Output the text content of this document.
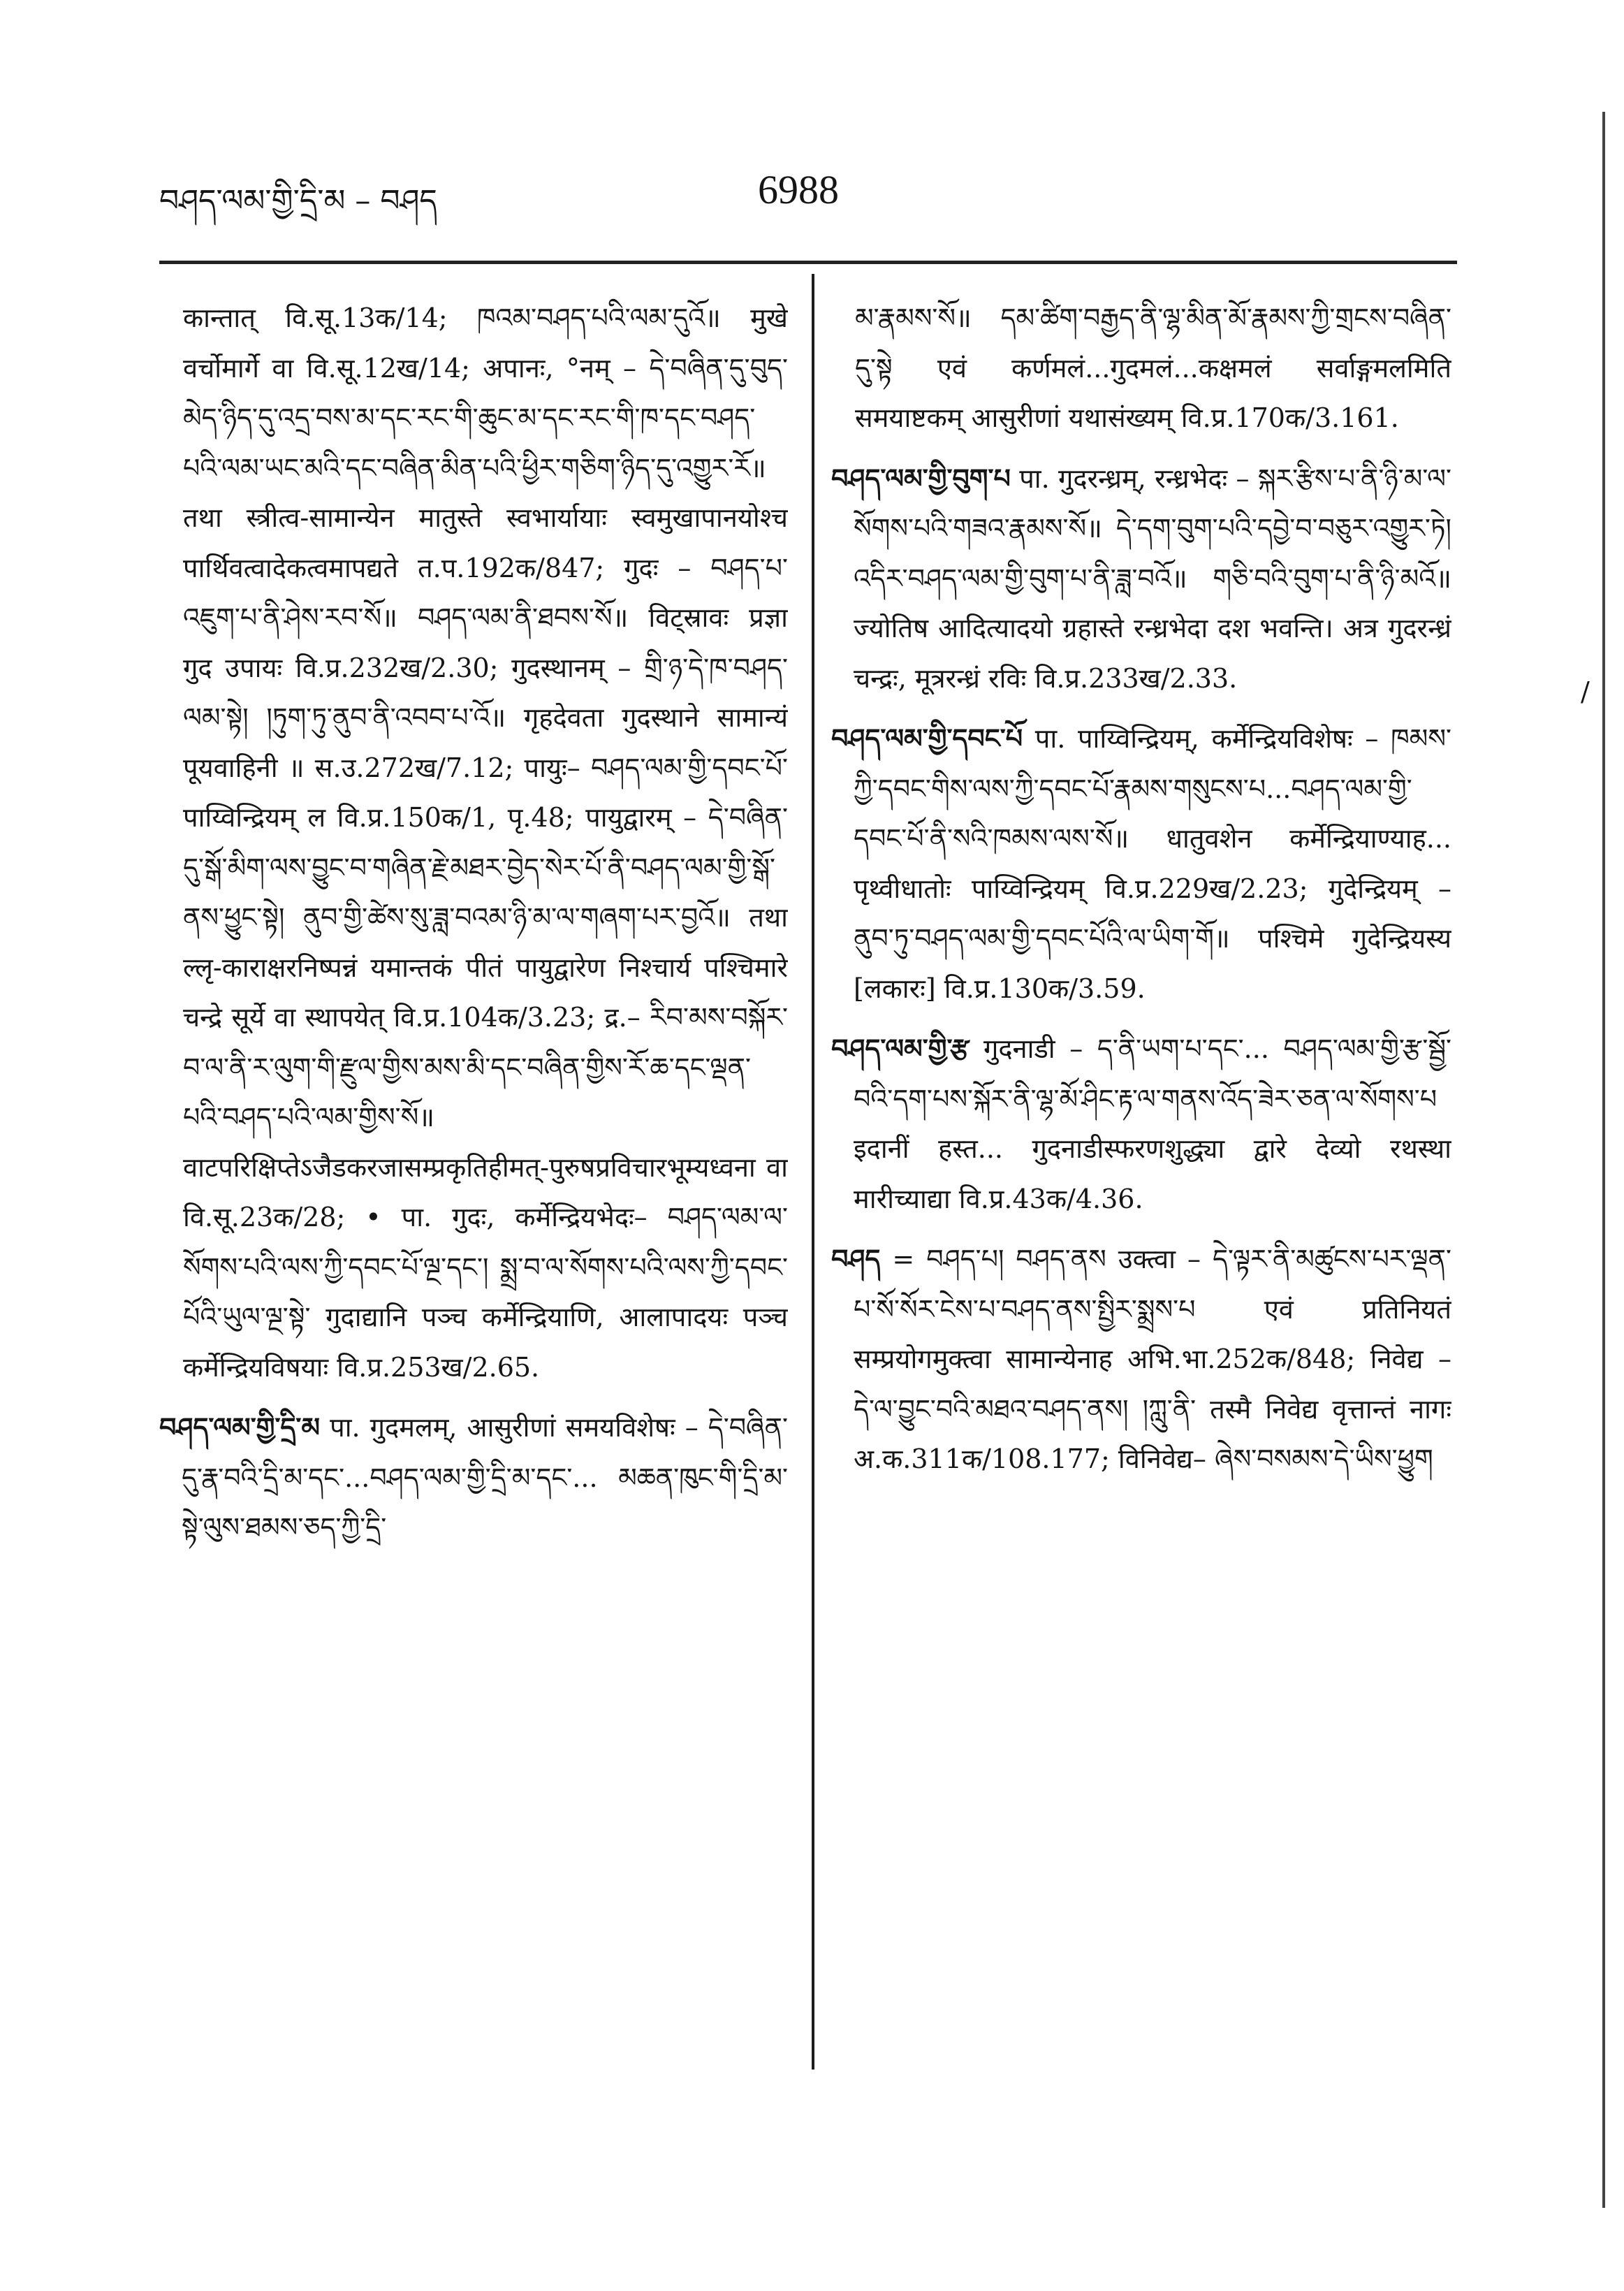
བཤད་ལམ་གྱི་དྲི་མ – བཤད	6988
/

कान्तात् वि.सू.13क/14; ཁའམ་བཤད་པའི་ལམ་དུའོ॥ मुखे वर्चोमार्गे वा वि.सू.12ख/14; अपानः, °नम् – དེ་བཞིན་དུ་བུད་མེད་ཉིད་དུ་འདྲ་བས་མ་དང་རང་གི་ཆུང་མ་དང་རང་གི་ཁ་དང་བཤད་པའི་ལམ་ཡང་མའི་དང་བཞིན་མིན་པའི་ཕྱིར་གཅིག་ཉིད་དུ་འགྱུར་རོ॥ तथा स्त्रीत्व-सामान्येन मातुस्ते स्वभार्यायाः स्वमुखापानयोश्च पार्थिवत्वादेकत्वमापद्यते त.प.192क/847; गुदः – བཤད་པ་འཇུག་པ་ནི་ཤེས་རབ་སོ॥ བཤད་ལམ་ནི་ཐབས་སོ॥ विट्स्रावः प्रज्ञा गुद उपायः वि.प्र.232ख/2.30; गुदस्थानम् – གྲི་ཉ་དེ་ཁ་བཤད་ལམ་སྟེ། །ཏུག་ཏུ་ནུབ་ནི་འབབ་པ་འོ॥ गृहदेवता गुदस्थाने सामान्यं पूयवाहिनी ॥ स.उ.272ख/7.12; पायुः– བཤད་ལམ་གྱི་དབང་པོ་ पाय्विन्द्रियम् ल वि.प्र.150क/1, पृ.48; पायुद्वारम् – དེ་བཞིན་དུ་སྒོ་མིག་ལས་བྱུང་བ་གཞིན་རྗེ་མཐར་བྱེད་སེར་པོ་ནི་བཤད་ལམ་གྱི་སྒོ་ནས་ཕྱུང་སྟེ། ནུབ་གྱི་ཚེས་སུ་ཟླ་བའམ་ཉི་མ་ལ་གཞག་པར་བྱའོ॥ तथा ल्लृ-काराक्षरनिष्पन्नं यमान्तकं पीतं पायुद्वारेण निश्चार्य पश्चिमारे चन्द्रे सूर्ये वा स्थापयेत् वि.प्र.104क/3.23; द्र.– རིབ་མས་བསྐོར་བ་ལ་ནི་ར་ལུག་གི་རྫུལ་གྱིས་མས་མི་དང་བཞིན་གྱིས་རོ་ཆ་དང་ལྡན་པའི་བཤད་པའི་ལམ་གྱིས་སོ॥ वाटपरिक्षिप्तेऽजैडकरजासम्प्रकृतिहीमत्-पुरुषप्रविचारभूम्यध्वना वा वि.सू.23क/28; • पा. गुदः, कर्मेन्द्रियभेदः– བཤད་ལམ་ལ་སོགས་པའི་ལས་ཀྱི་དབང་པོ་ལྔ་དང་། སྨྲ་བ་ལ་སོགས་པའི་ལས་ཀྱི་དབང་པོའི་ཡུལ་ལྔ་སྟེ་ गुदाद्यानि पञ्च कर्मेन्द्रियाणि, आलापादयः पञ्च कर्मेन्द्रियविषयाः वि.प्र.253ख/2.65.

བཤད་ལམ་གྱི་དྲི་མ पा. गुदमलम्, आसुरीणां समयविशेषः – དེ་བཞིན་དུ་རྣ་བའི་དྲི་མ་དང་...བཤད་ལམ་གྱི་དྲི་མ་དང་... མཆན་ཁུང་གི་དྲི་མ་སྟེ་ལུས་ཐམས་ཅད་ཀྱི་དྲི་

མ་རྣམས་སོ॥ དམ་ཚིག་བརྒྱད་ནི་ལྷ་མིན་མོ་རྣམས་ཀྱི་གྲངས་བཞིན་དུ་སྟེ एवं कर्णमलं...गुदमलं...कक्षमलं सर्वाङ्गमलमिति समयाष्टकम् आसुरीणां यथासंख्यम् वि.प्र.170क/3.161.

བཤད་ལམ་གྱི་བུག་པ पा. गुदरन्ध्रम्, रन्ध्रभेदः – སྐར་རྩིས་པ་ནི་ཉི་མ་ལ་སོགས་པའི་གཟའ་རྣམས་སོ॥ དེ་དག་བུག་པའི་དབྱེ་བ་བཅུར་འགྱུར་ཏེ། འདིར་བཤད་ལམ་གྱི་བུག་པ་ནི་ཟླ་བའོ॥ གཅི་བའི་བུག་པ་ནི་ཉི་མའོ॥ ज्योतिष आदित्यादयो ग्रहास्ते रन्ध्रभेदा दश भवन्ति। अत्र गुदरन्ध्रं चन्द्रः, मूत्ररन्ध्रं रविः वि.प्र.233ख/2.33.

བཤད་ལམ་གྱི་དབང་པོ पा. पाय्विन्द्रियम्, कर्मेन्द्रियविशेषः – ཁམས་ཀྱི་དབང་གིས་ལས་ཀྱི་དབང་པོ་རྣམས་གསུངས་པ...བཤད་ལམ་གྱི་དབང་པོ་ནི་སའི་ཁམས་ལས་སོ॥ धातुवशेन कर्मेन्द्रियाण्याह... पृथ्वीधातोः पाय्विन्द्रियम् वि.प्र.229ख/2.23; गुदेन्द्रियम् – ནུབ་ཏུ་བཤད་ལམ་གྱི་དབང་པོའི་ལ་ཡིག་གོ॥ पश्चिमे गुदेन्द्रियस्य [लकारः] वि.प्र.130क/3.59.

བཤད་ལམ་གྱི་རྩ गुदनाडी – ད་ནི་ཡག་པ་དང་... བཤད་ལམ་གྱི་རྩ་སྦྱོ་བའི་དག་པས་སྐོར་ནི་ལྷ་མོ་ཤིང་རྟ་ལ་གནས་འོད་ཟེར་ཅན་ལ་སོགས་པ इदानीं हस्त... गुदनाडीस्फरणशुद्ध्या द्वारे देव्यो रथस्था मारीच्याद्या वि.प्र.43क/4.36.

བཤད = བཤད་པ། བཤད་ནས उक्त्वा – དེ་ལྟར་ནི་མཚུངས་པར་ལྡན་པ་སོ་སོར་ངེས་པ་བཤད་ནས་སྤྱིར་སྨྲས་པ एवं प्रतिनियतं सम्प्रयोगमुक्त्वा सामान्येनाह अभि.भा.252क/848; निवेद्य – དེ་ལ་བྱུང་བའི་མཐའ་བཤད་ནས། །ཀླུ་ནི་ तस्मै निवेद्य वृत्तान्तं नागः अ.क.311क/108.177; विनिवेद्य– ཞེས་བསམས་དེ་ཡིས་ཕྱུག
